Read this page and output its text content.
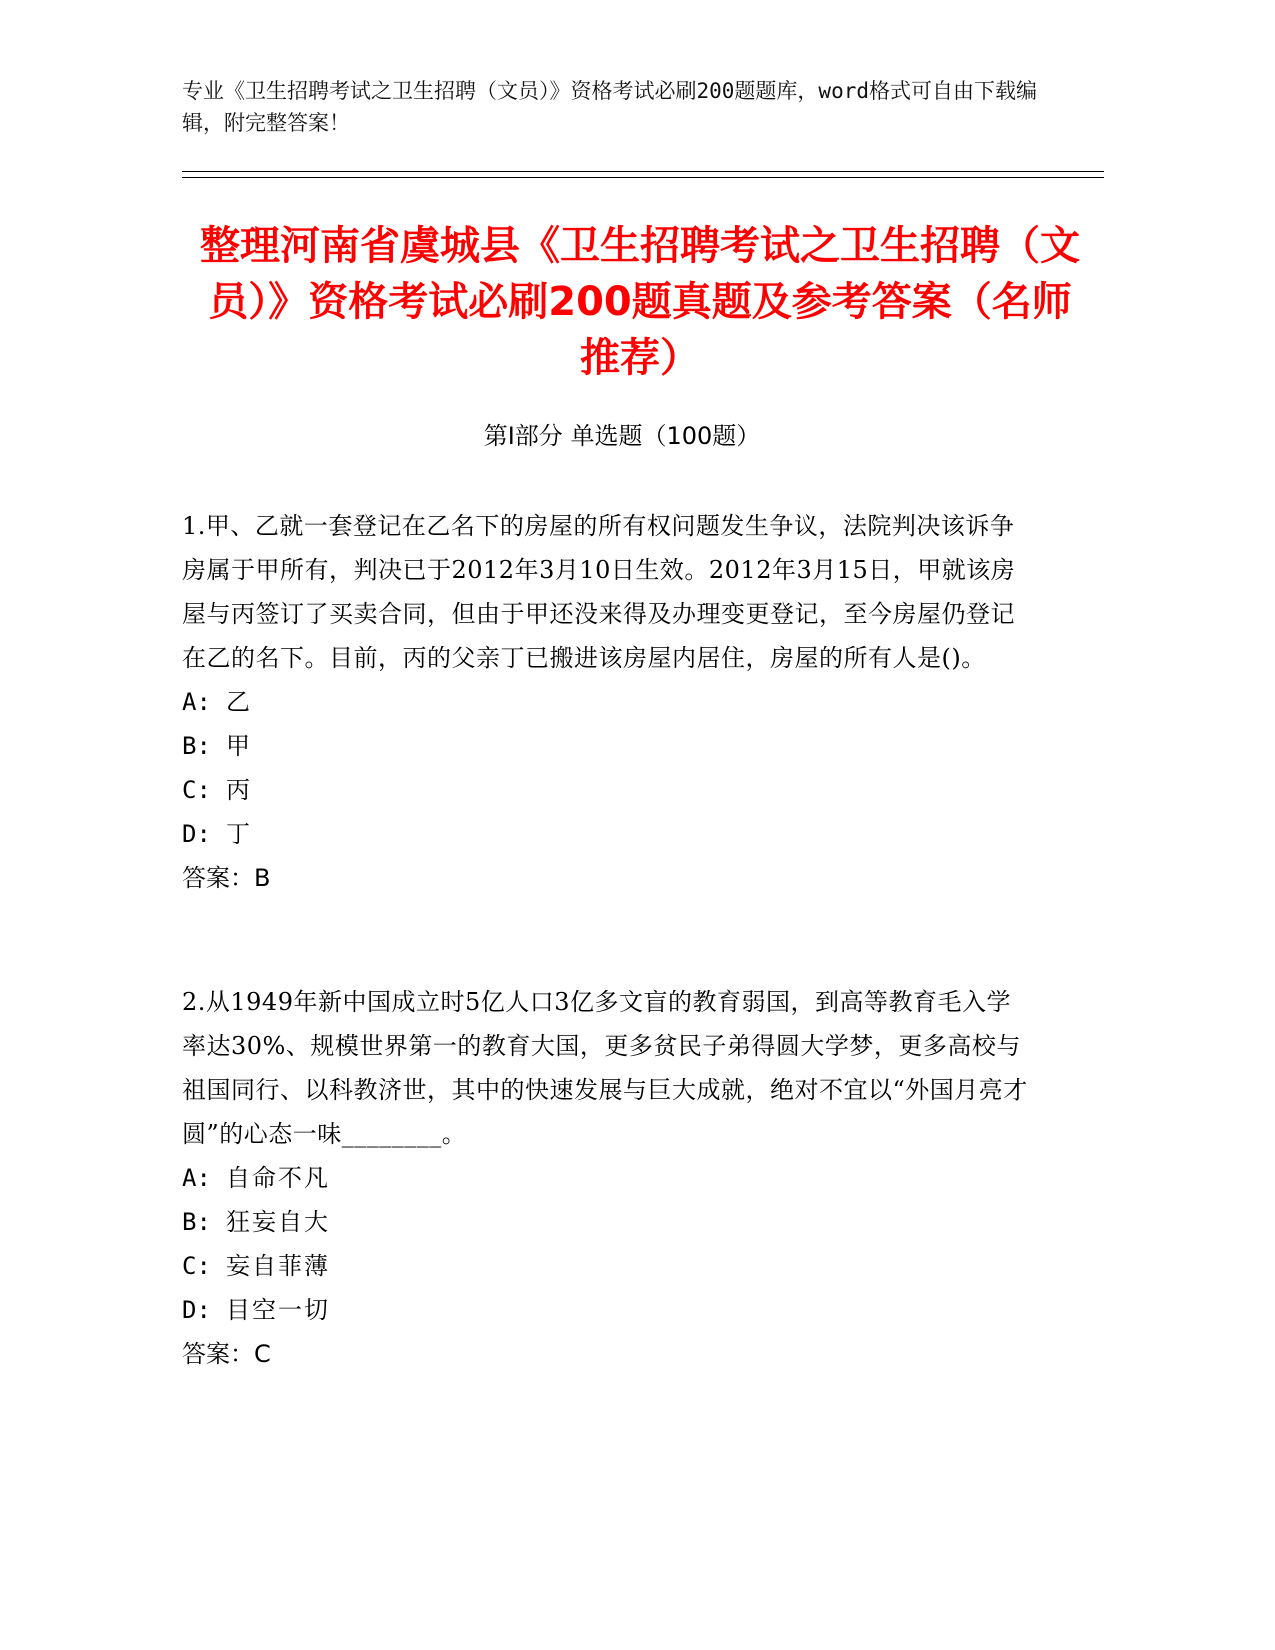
专业《卫生招聘考试之卫生招聘（文员）》资格考试必刷200题题库，word格式可自由下载编辑，附完整答案！
整理河南省虞城县《卫生招聘考试之卫生招聘（文员）》资格考试必刷200题真题及参考答案（名师推荐）
第Ⅰ部分 单选题（100题）
1.甲、乙就一套登记在乙名下的房屋的所有权问题发生争议，法院判决该诉争房属于甲所有，判决已于2012年3月10日生效。2012年3月15日，甲就该房屋与丙签订了买卖合同，但由于甲还没来得及办理变更登记，至今房屋仍登记在乙的名下。目前，丙的父亲丁已搬进该房屋内居住，房屋的所有人是()。
A: 乙
B: 甲
C: 丙
D: 丁
答案：B
2.从1949年新中国成立时5亿人口3亿多文盲的教育弱国，到高等教育毛入学率达30%、规模世界第一的教育大国，更多贫民子弟得圆大学梦，更多高校与祖国同行、以科教济世，其中的快速发展与巨大成就，绝对不宜以“外国月亮才圆”的心态一味________。
A: 自命不凡
B: 狂妄自大
C: 妄自菲薄
D: 目空一切
答案：C
